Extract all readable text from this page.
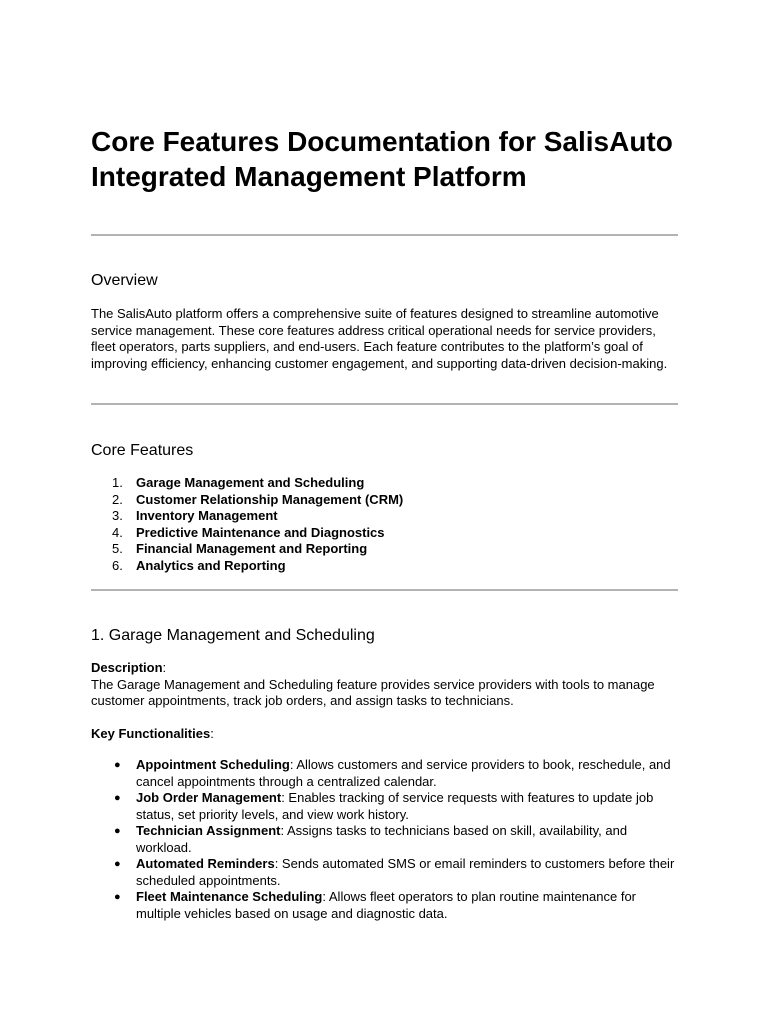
Core Features Documentation for SalisAuto Integrated Management Platform
Overview

The SalisAuto platform offers a comprehensive suite of features designed to streamline automotive service management. These core features address critical operational needs for service providers, fleet operators, parts suppliers, and end-users. Each feature contributes to the platform’s goal of improving efficiency, enhancing customer engagement, and supporting data-driven decision-making.

Core Features
1. Garage Management and Scheduling
2. Customer Relationship Management (CRM)
3. Inventory Management
4. Predictive Maintenance and Diagnostics
5. Financial Management and Reporting
6. Analytics and Reporting
1. Garage Management and Scheduling

Description:
The Garage Management and Scheduling feature provides service providers with tools to manage customer appointments, track job orders, and assign tasks to technicians.

Key Functionalities:

● Appointment Scheduling: Allows customers and service providers to book, reschedule, and cancel appointments through a centralized calendar.
● Job Order Management: Enables tracking of service requests with features to update job status, set priority levels, and view work history.
● Technician Assignment: Assigns tasks to technicians based on skill, availability, and workload.
● Automated Reminders: Sends automated SMS or email reminders to customers before their scheduled appointments.
● Fleet Maintenance Scheduling: Allows fleet operators to plan routine maintenance for multiple vehicles based on usage and diagnostic data.
